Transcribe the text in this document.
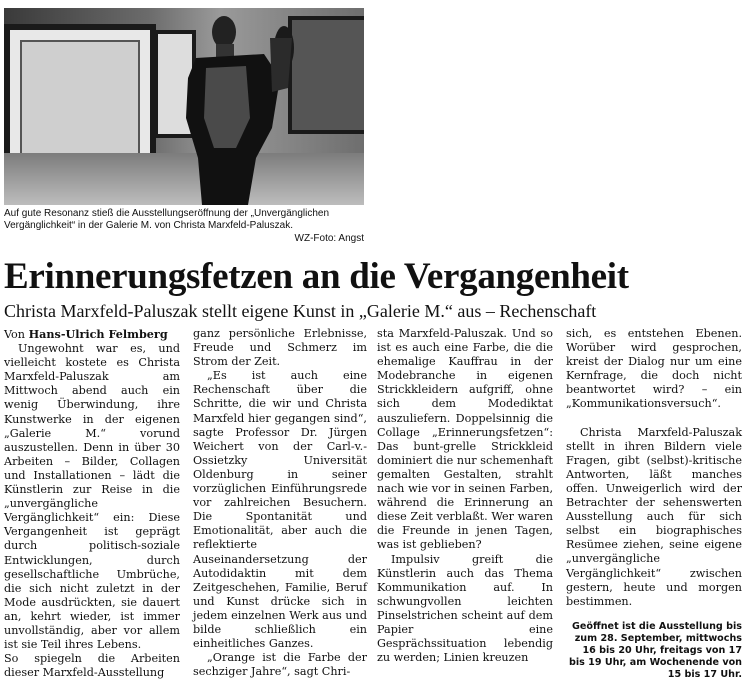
Auf gute Resonanz stieß die Ausstellungseröffnung der „Unvergänglichen Vergänglichkeit“ in der Galerie M. von Christa Marxfeld-Paluszak.
WZ-Foto: Angst
Erinnerungsfetzen an die Vergangenheit
Christa Marxfeld-Paluszak stellt eigene Kunst in „Galerie M.“ aus – Rechenschaft

Von Hans-Ulrich Felmberg

Ungewohnt war es, und vielleicht kostete es Christa Marxfeld-Paluszak am Mittwoch abend auch ein wenig Überwindung, ihre Kunstwerke in der eigenen „Galerie M.“ vorund auszustellen. Denn in über 30 Arbeiten – Bilder, Collagen und Installationen – lädt die Künstlerin zur Reise in die „unvergängliche Vergänglichkeit“ ein: Diese Vergangenheit ist geprägt durch politisch-soziale Entwicklungen, durch gesellschaftliche Umbrüche, die sich nicht zuletzt in der Mode ausdrückten, sie dauert an, kehrt wieder, ist immer unvollständig, aber vor allem ist sie Teil ihres Lebens.

So spiegeln die Arbeiten dieser Marxfeld-Ausstellung

ganz persönliche Erlebnisse, Freude und Schmerz im Strom der Zeit.

„Es ist auch eine Rechenschaft über die Schritte, die wir und Christa Marxfeld hier gegangen sind“, sagte Professor Dr. Jürgen Weichert von der Carl-v.-Ossietzky Universität Oldenburg in seiner vorzüglichen Einführungsrede vor zahlreichen Besuchern. Die Spontanität und Emotionalität, aber auch die reflektierte Auseinandersetzung der Autodidaktin mit dem Zeitgeschehen, Familie, Beruf und Kunst drücke sich in jedem einzelnen Werk aus und bilde schließlich ein einheitliches Ganzes.

„Orange ist die Farbe der sechziger Jahre“, sagt Chri-

sta Marxfeld-Paluszak. Und so ist es auch eine Farbe, die die ehemalige Kauffrau in der Modebranche in eigenen Strickkleidern aufgriff, ohne sich dem Modediktat auszuliefern. Doppelsinnig die Collage „Erinnerungsfetzen“: Das bunt-grelle Strickkleid dominiert die nur schemenhaft gemalten Gestalten, strahlt nach wie vor in seinen Farben, während die Erinnerung an diese Zeit verblaßt. Wer waren die Freunde in jenen Tagen, was ist geblieben?

Impulsiv greift die Künstlerin auch das Thema Kommunikation auf. In schwungvollen leichten Pinselstrichen scheint auf dem Papier eine Gesprächssituation lebendig zu werden; Linien kreuzen

sich, es entstehen Ebenen. Worüber wird gesprochen, kreist der Dialog nur um eine Kernfrage, die doch nicht beantwortet wird? – ein „Kommunikationsversuch“.

Christa Marxfeld-Paluszak stellt in ihren Bildern viele Fragen, gibt (selbst)-kritische Antworten, läßt manches offen. Unweigerlich wird der Betrachter der sehenswerten Ausstellung auch für sich selbst ein biographisches Resümee ziehen, seine eigene „unvergängliche Vergänglichkeit“ zwischen gestern, heute und morgen bestimmen.

Geöffnet ist die Ausstellung bis zum 28. September, mittwochs 16 bis 20 Uhr, freitags von 17 bis 19 Uhr, am Wochenende von 15 bis 17 Uhr.
